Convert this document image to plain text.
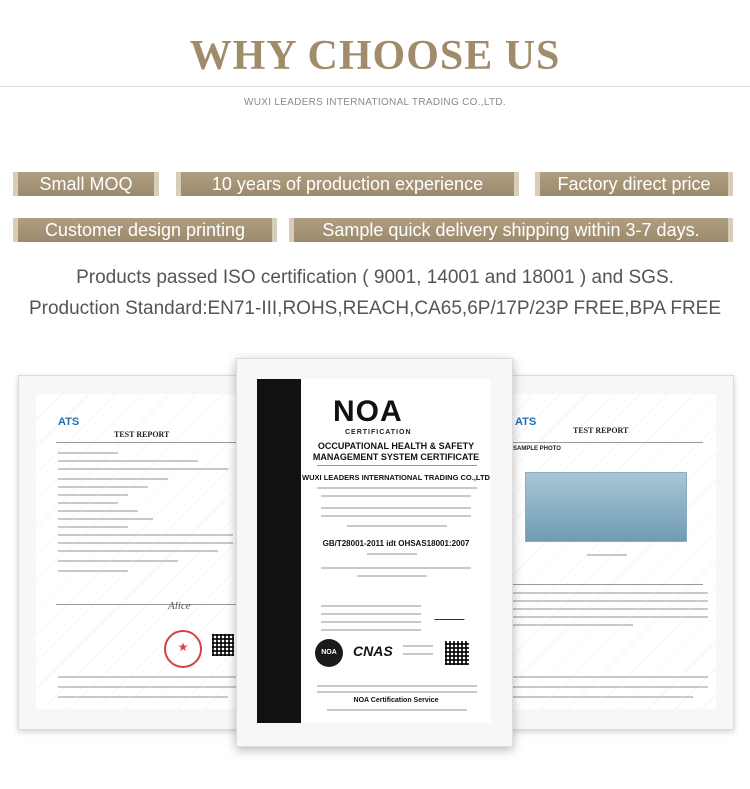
WHY CHOOSE US
WUXI LEADERS INTERNATIONAL TRADING CO.,LTD.
Small MOQ	10 years of production experience	Factory direct price
Customer design printing	Sample quick delivery shipping within 3-7 days.
Products passed ISO certification ( 9001, 14001 and 18001 ) and SGS.
Production Standard:EN71-III,ROHS,REACH,CA65,6P/17P/23P FREE,BPA FREE
ATS
TEST REPORT
Alice
★
ATS
TEST REPORT
SAMPLE PHOTO
NOA
CERTIFICATION
OCCUPATIONAL HEALTH & SAFETY
MANAGEMENT SYSTEM CERTIFICATE
WUXI LEADERS INTERNATIONAL TRADING CO.,LTD
GB/T28001-2011 idt OHSAS18001:2007
NOA	CNAS
NOA Certification Service
